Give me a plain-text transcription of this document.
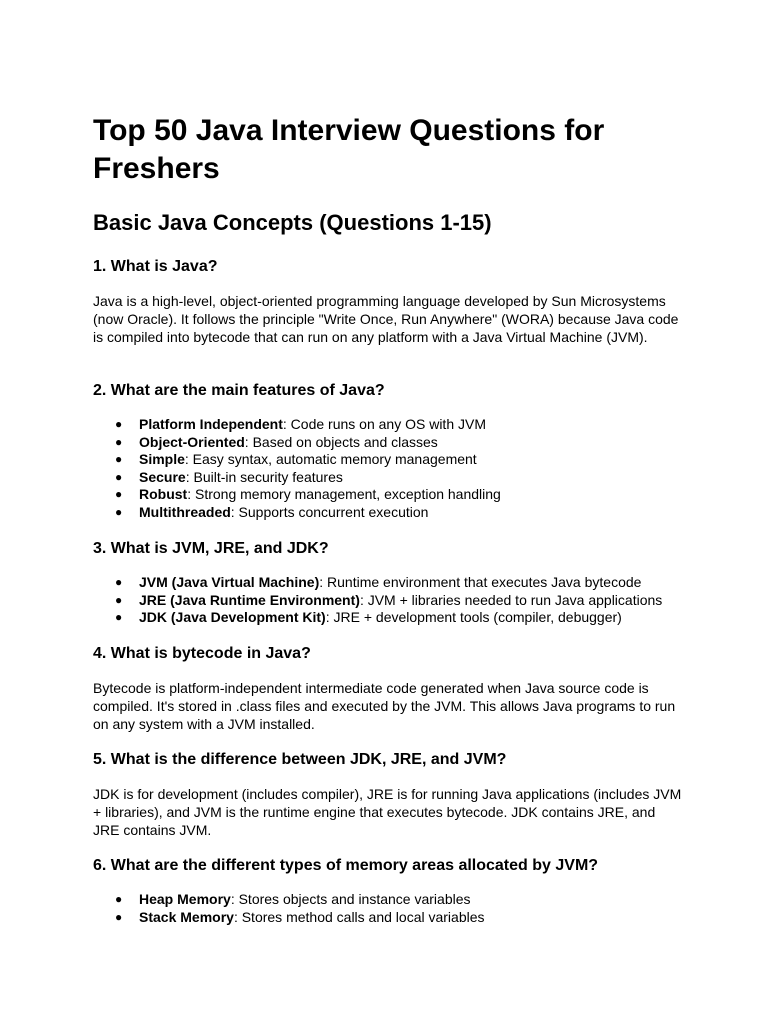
Top 50 Java Interview Questions for Freshers
Basic Java Concepts (Questions 1-15)
1. What is Java?

Java is a high-level, object-oriented programming language developed by Sun Microsystems (now Oracle). It follows the principle "Write Once, Run Anywhere" (WORA) because Java code is compiled into bytecode that can run on any platform with a Java Virtual Machine (JVM).

2. What are the main features of Java?
● Platform Independent: Code runs on any OS with JVM
● Object-Oriented: Based on objects and classes
● Simple: Easy syntax, automatic memory management
● Secure: Built-in security features
● Robust: Strong memory management, exception handling
● Multithreaded: Supports concurrent execution
3. What is JVM, JRE, and JDK?
● JVM (Java Virtual Machine): Runtime environment that executes Java bytecode
● JRE (Java Runtime Environment): JVM + libraries needed to run Java applications
● JDK (Java Development Kit): JRE + development tools (compiler, debugger)
4. What is bytecode in Java?

Bytecode is platform-independent intermediate code generated when Java source code is compiled. It's stored in .class files and executed by the JVM. This allows Java programs to run on any system with a JVM installed.

5. What is the difference between JDK, JRE, and JVM?

JDK is for development (includes compiler), JRE is for running Java applications (includes JVM + libraries), and JVM is the runtime engine that executes bytecode. JDK contains JRE, and JRE contains JVM.

6. What are the different types of memory areas allocated by JVM?
● Heap Memory: Stores objects and instance variables
● Stack Memory: Stores method calls and local variables
